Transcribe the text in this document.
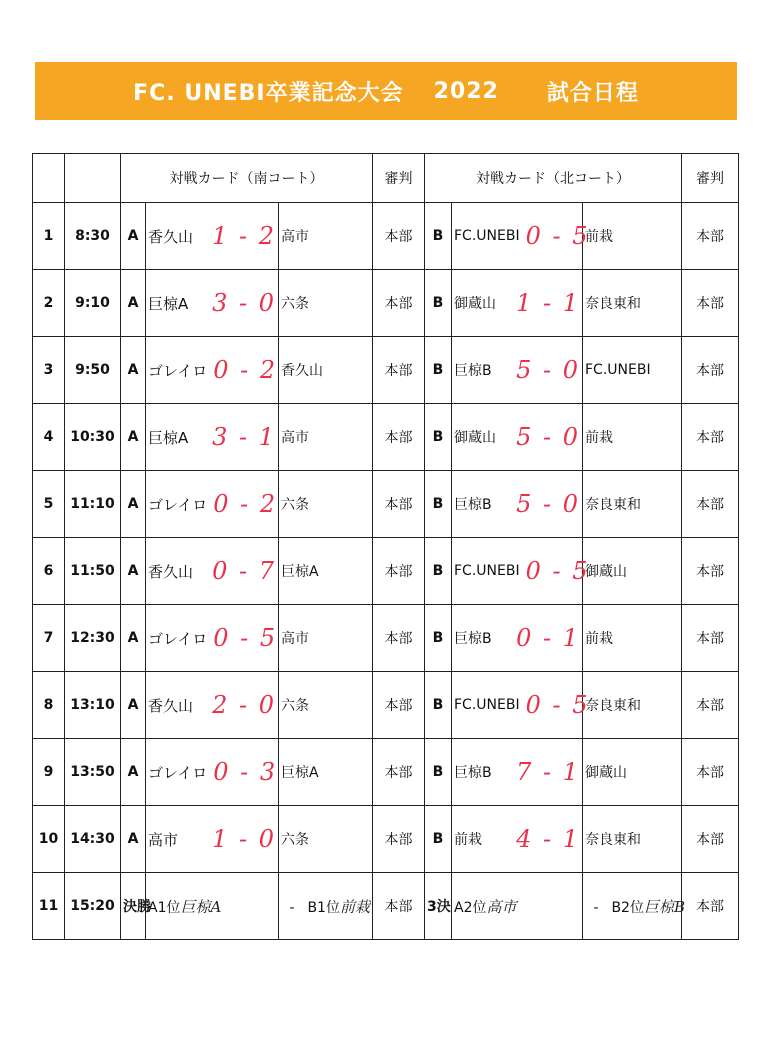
FC. UNEBI卒業記念大会 2022 試合日程
		対戦カード（南コート）			審判	対戦カード（北コート）			審判
1	8:30	A	香久山 1 - 2	高市	本部	B	FC.UNEBI 0 - 5	前栽	本部
2	9:10	A	巨椋A 3 - 0	六条	本部	B	御蔵山 1 - 1	奈良東和	本部
3	9:50	A	ゴレイロ 0 - 2	香久山	本部	B	巨椋B 5 - 0	FC.UNEBI	本部
4	10:30	A	巨椋A 3 - 1	高市	本部	B	御蔵山 5 - 0	前栽	本部
5	11:10	A	ゴレイロ 0 - 2	六条	本部	B	巨椋B 5 - 0	奈良東和	本部
6	11:50	A	香久山 0 - 7	巨椋A	本部	B	FC.UNEBI 0 - 5	御蔵山	本部
7	12:30	A	ゴレイロ 0 - 5	高市	本部	B	巨椋B 0 - 1	前栽	本部
8	13:10	A	香久山 2 - 0	六条	本部	B	FC.UNEBI 0 - 5	奈良東和	本部
9	13:50	A	ゴレイロ 0 - 3	巨椋A	本部	B	巨椋B 7 - 1	御蔵山	本部
10	14:30	A	高市 1 - 0	六条	本部	B	前栽 4 - 1	奈良東和	本部
11	15:20	決勝	A1位巨椋A	- B1位前栽	本部	3決	A2位高市	- B2位巨椋B	本部
